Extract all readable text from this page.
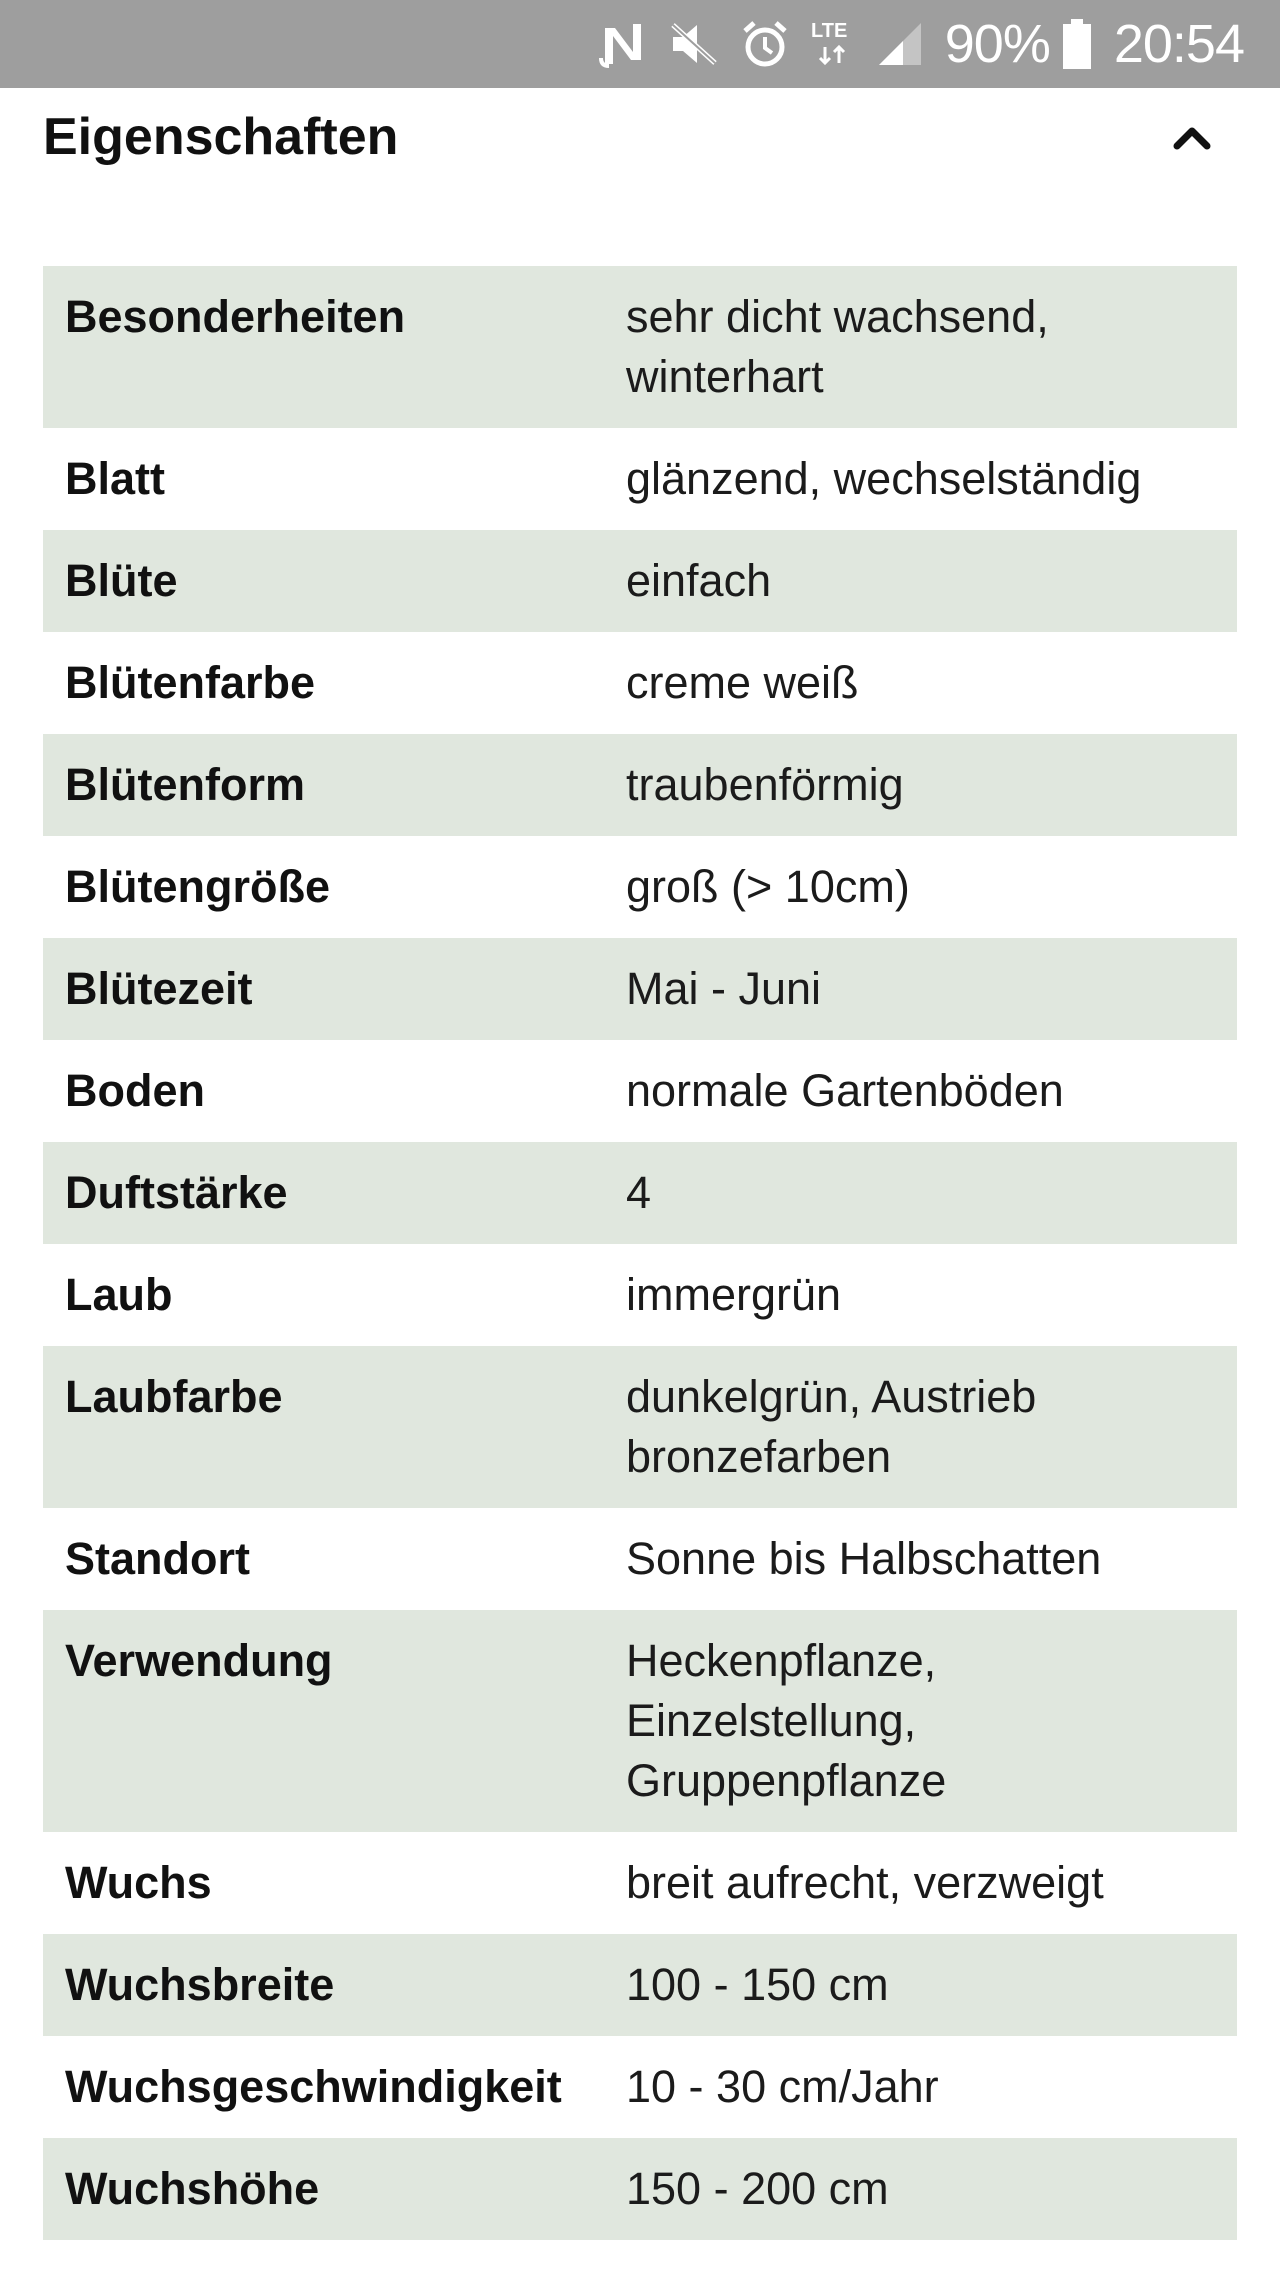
LTE 90% 20:54
Eigenschaften
Besonderheiten	sehr dicht wachsend,
winterhart

Blatt	glänzend, wechselständig

Blüte	einfach

Blütenfarbe	creme weiß

Blütenform	traubenförmig

Blütengröße	groß (> 10cm)

Blütezeit	Mai - Juni

Boden	normale Gartenböden

Duftstärke	4

Laub	immergrün

Laubfarbe	dunkelgrün, Austrieb
bronzefarben

Standort	Sonne bis Halbschatten

Verwendung	Heckenpflanze,
Einzelstellung,
Gruppenpflanze

Wuchs	breit aufrecht, verzweigt

Wuchsbreite	100 - 150 cm

Wuchsgeschwindigkeit	10 - 30 cm/Jahr

Wuchshöhe	150 - 200 cm
